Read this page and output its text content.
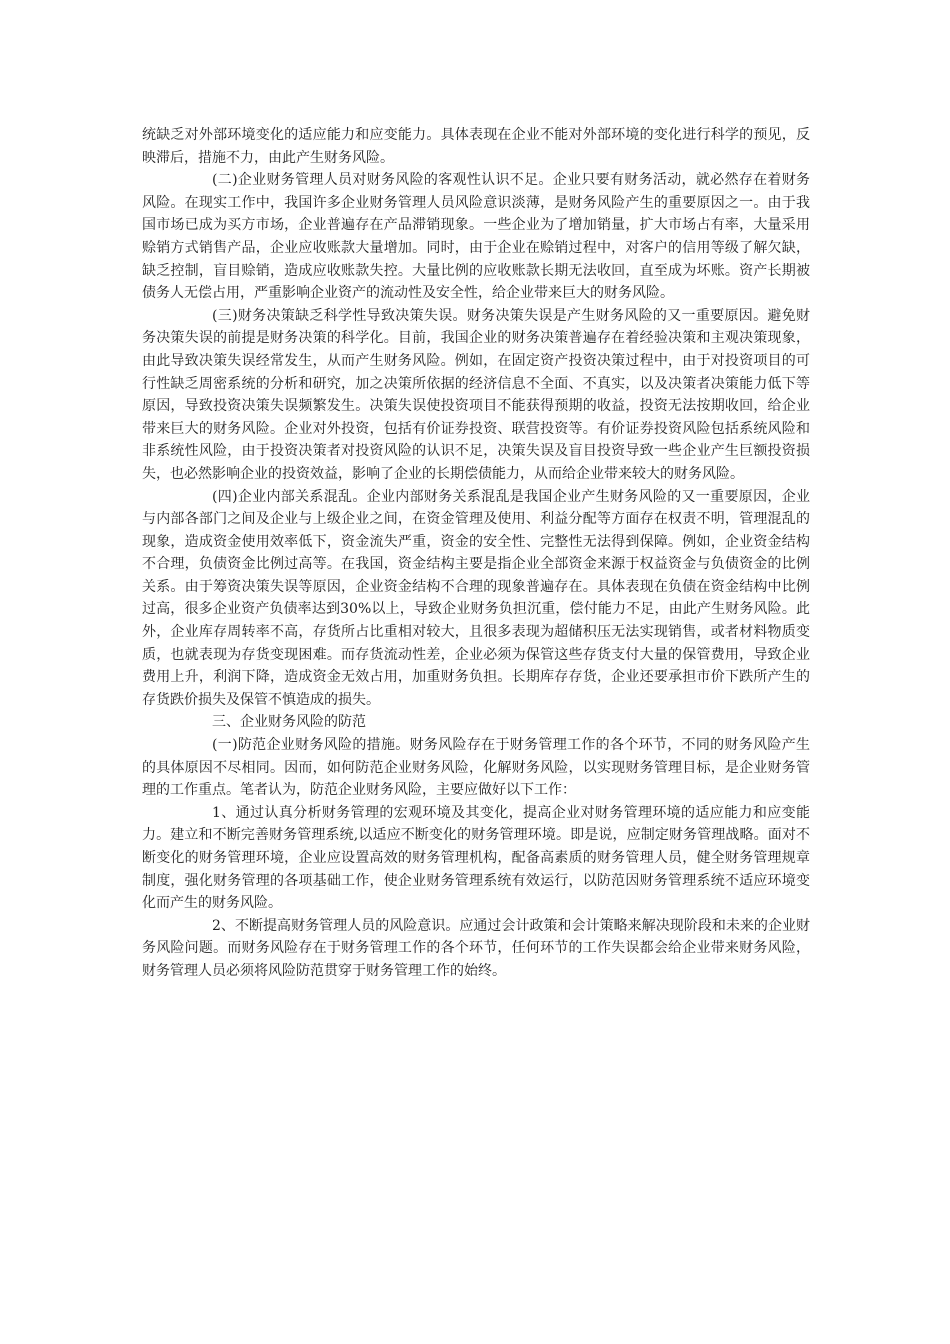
统缺乏对外部环境变化的适应能力和应变能力。具体表现在企业不能对外部环境的变化进行科学的预见，反映滞后，措施不力，由此产生财务风险。

(二)企业财务管理人员对财务风险的客观性认识不足。企业只要有财务活动，就必然存在着财务风险。在现实工作中，我国许多企业财务管理人员风险意识淡薄，是财务风险产生的重要原因之一。由于我国市场已成为买方市场，企业普遍存在产品滞销现象。一些企业为了增加销量，扩大市场占有率，大量采用赊销方式销售产品，企业应收账款大量增加。同时，由于企业在赊销过程中，对客户的信用等级了解欠缺，缺乏控制，盲目赊销，造成应收账款失控。大量比例的应收账款长期无法收回，直至成为坏账。资产长期被债务人无偿占用，严重影响企业资产的流动性及安全性，给企业带来巨大的财务风险。

(三)财务决策缺乏科学性导致决策失误。财务决策失误是产生财务风险的又一重要原因。避免财务决策失误的前提是财务决策的科学化。目前，我国企业的财务决策普遍存在着经验决策和主观决策现象，由此导致决策失误经常发生，从而产生财务风险。例如，在固定资产投资决策过程中，由于对投资项目的可行性缺乏周密系统的分析和研究，加之决策所依据的经济信息不全面、不真实，以及决策者决策能力低下等原因，导致投资决策失误频繁发生。决策失误使投资项目不能获得预期的收益，投资无法按期收回，给企业带来巨大的财务风险。企业对外投资，包括有价证券投资、联营投资等。有价证券投资风险包括系统风险和非系统性风险，由于投资决策者对投资风险的认识不足，决策失误及盲目投资导致一些企业产生巨额投资损失，也必然影响企业的投资效益，影响了企业的长期偿债能力，从而给企业带来较大的财务风险。

(四)企业内部关系混乱。企业内部财务关系混乱是我国企业产生财务风险的又一重要原因，企业与内部各部门之间及企业与上级企业之间，在资金管理及使用、利益分配等方面存在权责不明，管理混乱的现象，造成资金使用效率低下，资金流失严重，资金的安全性、完整性无法得到保障。例如，企业资金结构不合理，负债资金比例过高等。在我国，资金结构主要是指企业全部资金来源于权益资金与负债资金的比例关系。由于筹资决策失误等原因，企业资金结构不合理的现象普遍存在。具体表现在负债在资金结构中比例过高，很多企业资产负债率达到30%以上，导致企业财务负担沉重，偿付能力不足，由此产生财务风险。此外，企业库存周转率不高，存货所占比重相对较大，且很多表现为超储积压无法实现销售，或者材料物质变质，也就表现为存货变现困难。而存货流动性差，企业必须为保管这些存货支付大量的保管费用，导致企业费用上升，利润下降，造成资金无效占用，加重财务负担。长期库存存货，企业还要承担市价下跌所产生的存货跌价损失及保管不慎造成的损失。

三、企业财务风险的防范

(一)防范企业财务风险的措施。财务风险存在于财务管理工作的各个环节，不同的财务风险产生的具体原因不尽相同。因而，如何防范企业财务风险，化解财务风险，以实现财务管理目标，是企业财务管理的工作重点。笔者认为，防范企业财务风险，主要应做好以下工作：

1、通过认真分析财务管理的宏观环境及其变化，提高企业对财务管理环境的适应能力和应变能力。建立和不断完善财务管理系统,以适应不断变化的财务管理环境。即是说，应制定财务管理战略。面对不断变化的财务管理环境，企业应设置高效的财务管理机构，配备高素质的财务管理人员，健全财务管理规章制度，强化财务管理的各项基础工作，使企业财务管理系统有效运行，以防范因财务管理系统不适应环境变化而产生的财务风险。

2、不断提高财务管理人员的风险意识。应通过会计政策和会计策略来解决现阶段和未来的企业财务风险问题。而财务风险存在于财务管理工作的各个环节，任何环节的工作失误都会给企业带来财务风险，财务管理人员必须将风险防范贯穿于财务管理工作的始终。
